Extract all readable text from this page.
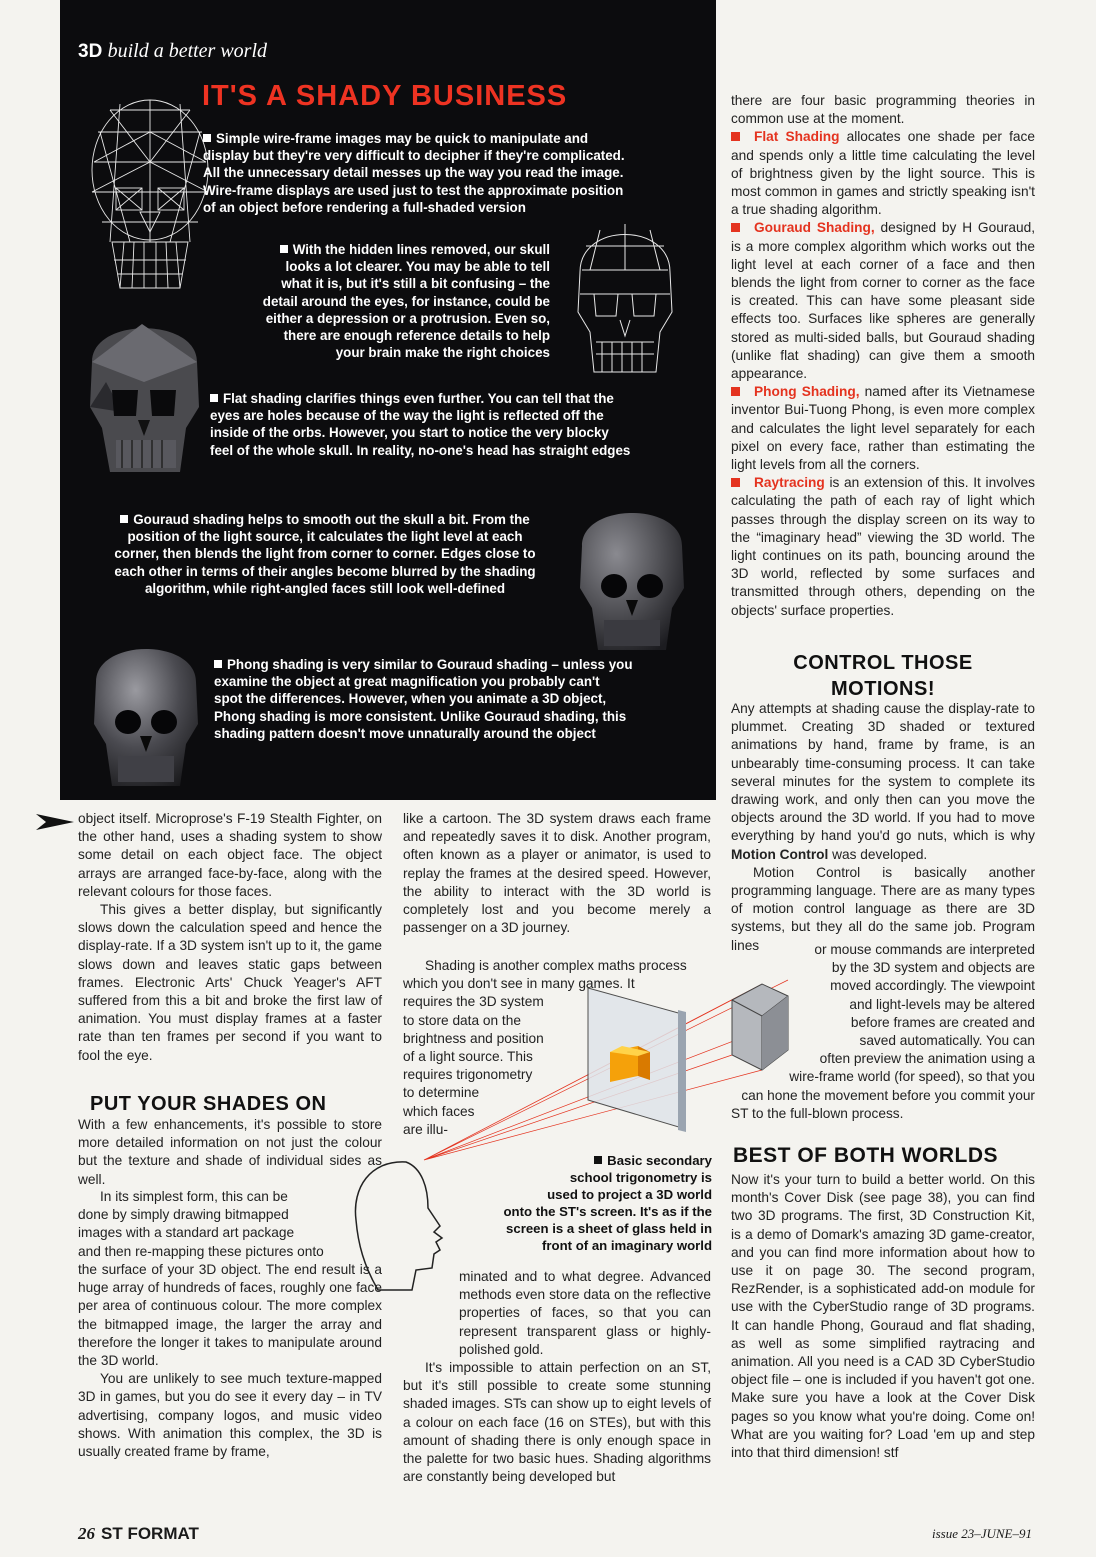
3D build a better world
IT'S A SHADY BUSINESS
Simple wire-frame images may be quick to manipulate and
display but they're very difficult to decipher if they're complicated.
All the unnecessary detail messes up the way you read the image.
Wire-frame displays are used just to test the approximate position
of an object before rendering a full-shaded version
With the hidden lines removed, our skull
looks a lot clearer. You may be able to tell
what it is, but it's still a bit confusing – the
detail around the eyes, for instance, could be
either a depression or a protrusion. Even so,
there are enough reference details to help
your brain make the right choices
Flat shading clarifies things even further. You can tell that the
eyes are holes because of the way the light is reflected off the
inside of the orbs. However, you start to notice the very blocky
feel of the whole skull. In reality, no-one's head has straight edges
Gouraud shading helps to smooth out the skull a bit. From the
position of the light source, it calculates the light level at each
corner, then blends the light from corner to corner. Edges close to
each other in terms of their angles become blurred by the shading
algorithm, while right-angled faces still look well-defined
Phong shading is very similar to Gouraud shading – unless you
examine the object at great magnification you probably can't
spot the differences. However, when you animate a 3D object,
Phong shading is more consistent. Unlike Gouraud shading, this
shading pattern doesn't move unnaturally around the object

there are four basic programming theories in common use at the moment.

Flat Shading allocates one shade per face and spends only a little time calculating the level of brightness given by the light source. This is most common in games and strictly speaking isn't a true shading algorithm.

Gouraud Shading, designed by H Gouraud, is a more complex algorithm which works out the light level at each corner of a face and then blends the light from corner to corner as the face is created. This can have some pleasant side effects too. Surfaces like spheres are generally stored as multi-sided balls, but Gouraud shading (unlike flat shading) can give them a smooth appearance.

Phong Shading, named after its Vietnamese inventor Bui-Tuong Phong, is even more complex and calculates the light level separately for each pixel on every face, rather than estimating the light levels from all the corners.

Raytracing is an extension of this. It involves calculating the path of each ray of light which passes through the display screen on its way to the “imaginary head” viewing the 3D world. The light continues on its path, bouncing around the 3D world, reflected by some surfaces and transmitted through others, depending on the objects' surface properties.

CONTROL THOSE
MOTIONS!

Any attempts at shading cause the display-rate to plummet. Creating 3D shaded or textured animations by hand, frame by frame, is an unbearably time-consuming process. It can take several minutes for the system to complete its drawing work, and only then can you move the objects around the 3D world. If you had to move everything by hand you'd go nuts, which is why Motion Control was developed.

Motion Control is basically another programming language. There are as many types of motion control language as there are 3D systems, but they all do the same job. Program lines	or mouse commands are interpreted
by the 3D system and objects are
moved accordingly. The viewpoint
and light-levels may be altered
before frames are created and
saved automatically. You can
often preview the animation using a
wire-frame world (for speed), so that you
can hone the movement before you commit your
ST to the full-blown process.
BEST OF BOTH WORLDS

Now it's your turn to build a better world. On this month's Cover Disk (see page 38), you can find two 3D programs. The first, 3D Construction Kit, is a demo of Domark's amazing 3D game-creator, and you can find more information about how to use it on page 30. The second program, RezRender, is a sophisticated add-on module for use with the CyberStudio range of 3D programs. It can handle Phong, Gouraud and flat shading, as well as some simplified raytracing and animation. All you need is a CAD 3D CyberStudio object file – one is included if you haven't got one. Make sure you have a look at the Cover Disk pages so you know what you're doing. Come on! What are you waiting for? Load 'em up and step into that third dimension! stf

object itself. Microprose's F-19 Stealth Fighter, on the other hand, uses a shading system to show some detail on each object face. The object arrays are arranged face-by-face, along with the relevant colours for those faces.

This gives a better display, but significantly slows down the calculation speed and hence the display-rate. If a 3D system isn't up to it, the game slows down and leaves static gaps between frames. Electronic Arts' Chuck Yeager's AFT suffered from this a bit and broke the first law of animation. You must display frames at a faster rate than ten frames per second if you want to fool the eye.

PUT YOUR SHADES ON

With a few enhancements, it's possible to store more detailed information on not just the colour but the texture and shade of individual sides as well.

In its simplest form, this can be
done by simply drawing bitmapped
images with a standard art package
and then re-mapping these pictures onto

the surface of your 3D object. The end result is a huge array of hundreds of faces, roughly one face per area of continuous colour. The more complex the bitmapped image, the larger the array and therefore the longer it takes to manipulate around the 3D world.

You are unlikely to see much texture-mapped 3D in games, but you do see it every day – in TV advertising, company logos, and music video shows. With animation this complex, the 3D is usually created frame by frame,

like a cartoon. The 3D system draws each frame and repeatedly saves it to disk. Another program, often known as a player or animator, is used to replay the frames at the desired speed. However, the ability to interact with the 3D world is completely lost and you become merely a passenger on a 3D journey.

Shading is another complex maths process
which you don't see in many games. It
requires the 3D system
to store data on the
brightness and position
of a light source. This
requires trigonometry
to determine
which faces
are illu-
Basic secondary
school trigonometry is
used to project a 3D world
onto the ST's screen. It's as if the
screen is a sheet of glass held in
front of an imaginary world

minated and to what degree. Advanced methods even store data on the reflective properties of faces, so that you can represent transparent glass or highly-polished gold.

It's impossible to attain perfection on an ST, but it's still possible to create some stunning shaded images. STs can show up to eight levels of a colour on each face (16 on STEs), but with this amount of shading there is only enough space in the palette for two basic hues. Shading algorithms are constantly being developed but

26 ST FORMAT	issue 23–JUNE–91
